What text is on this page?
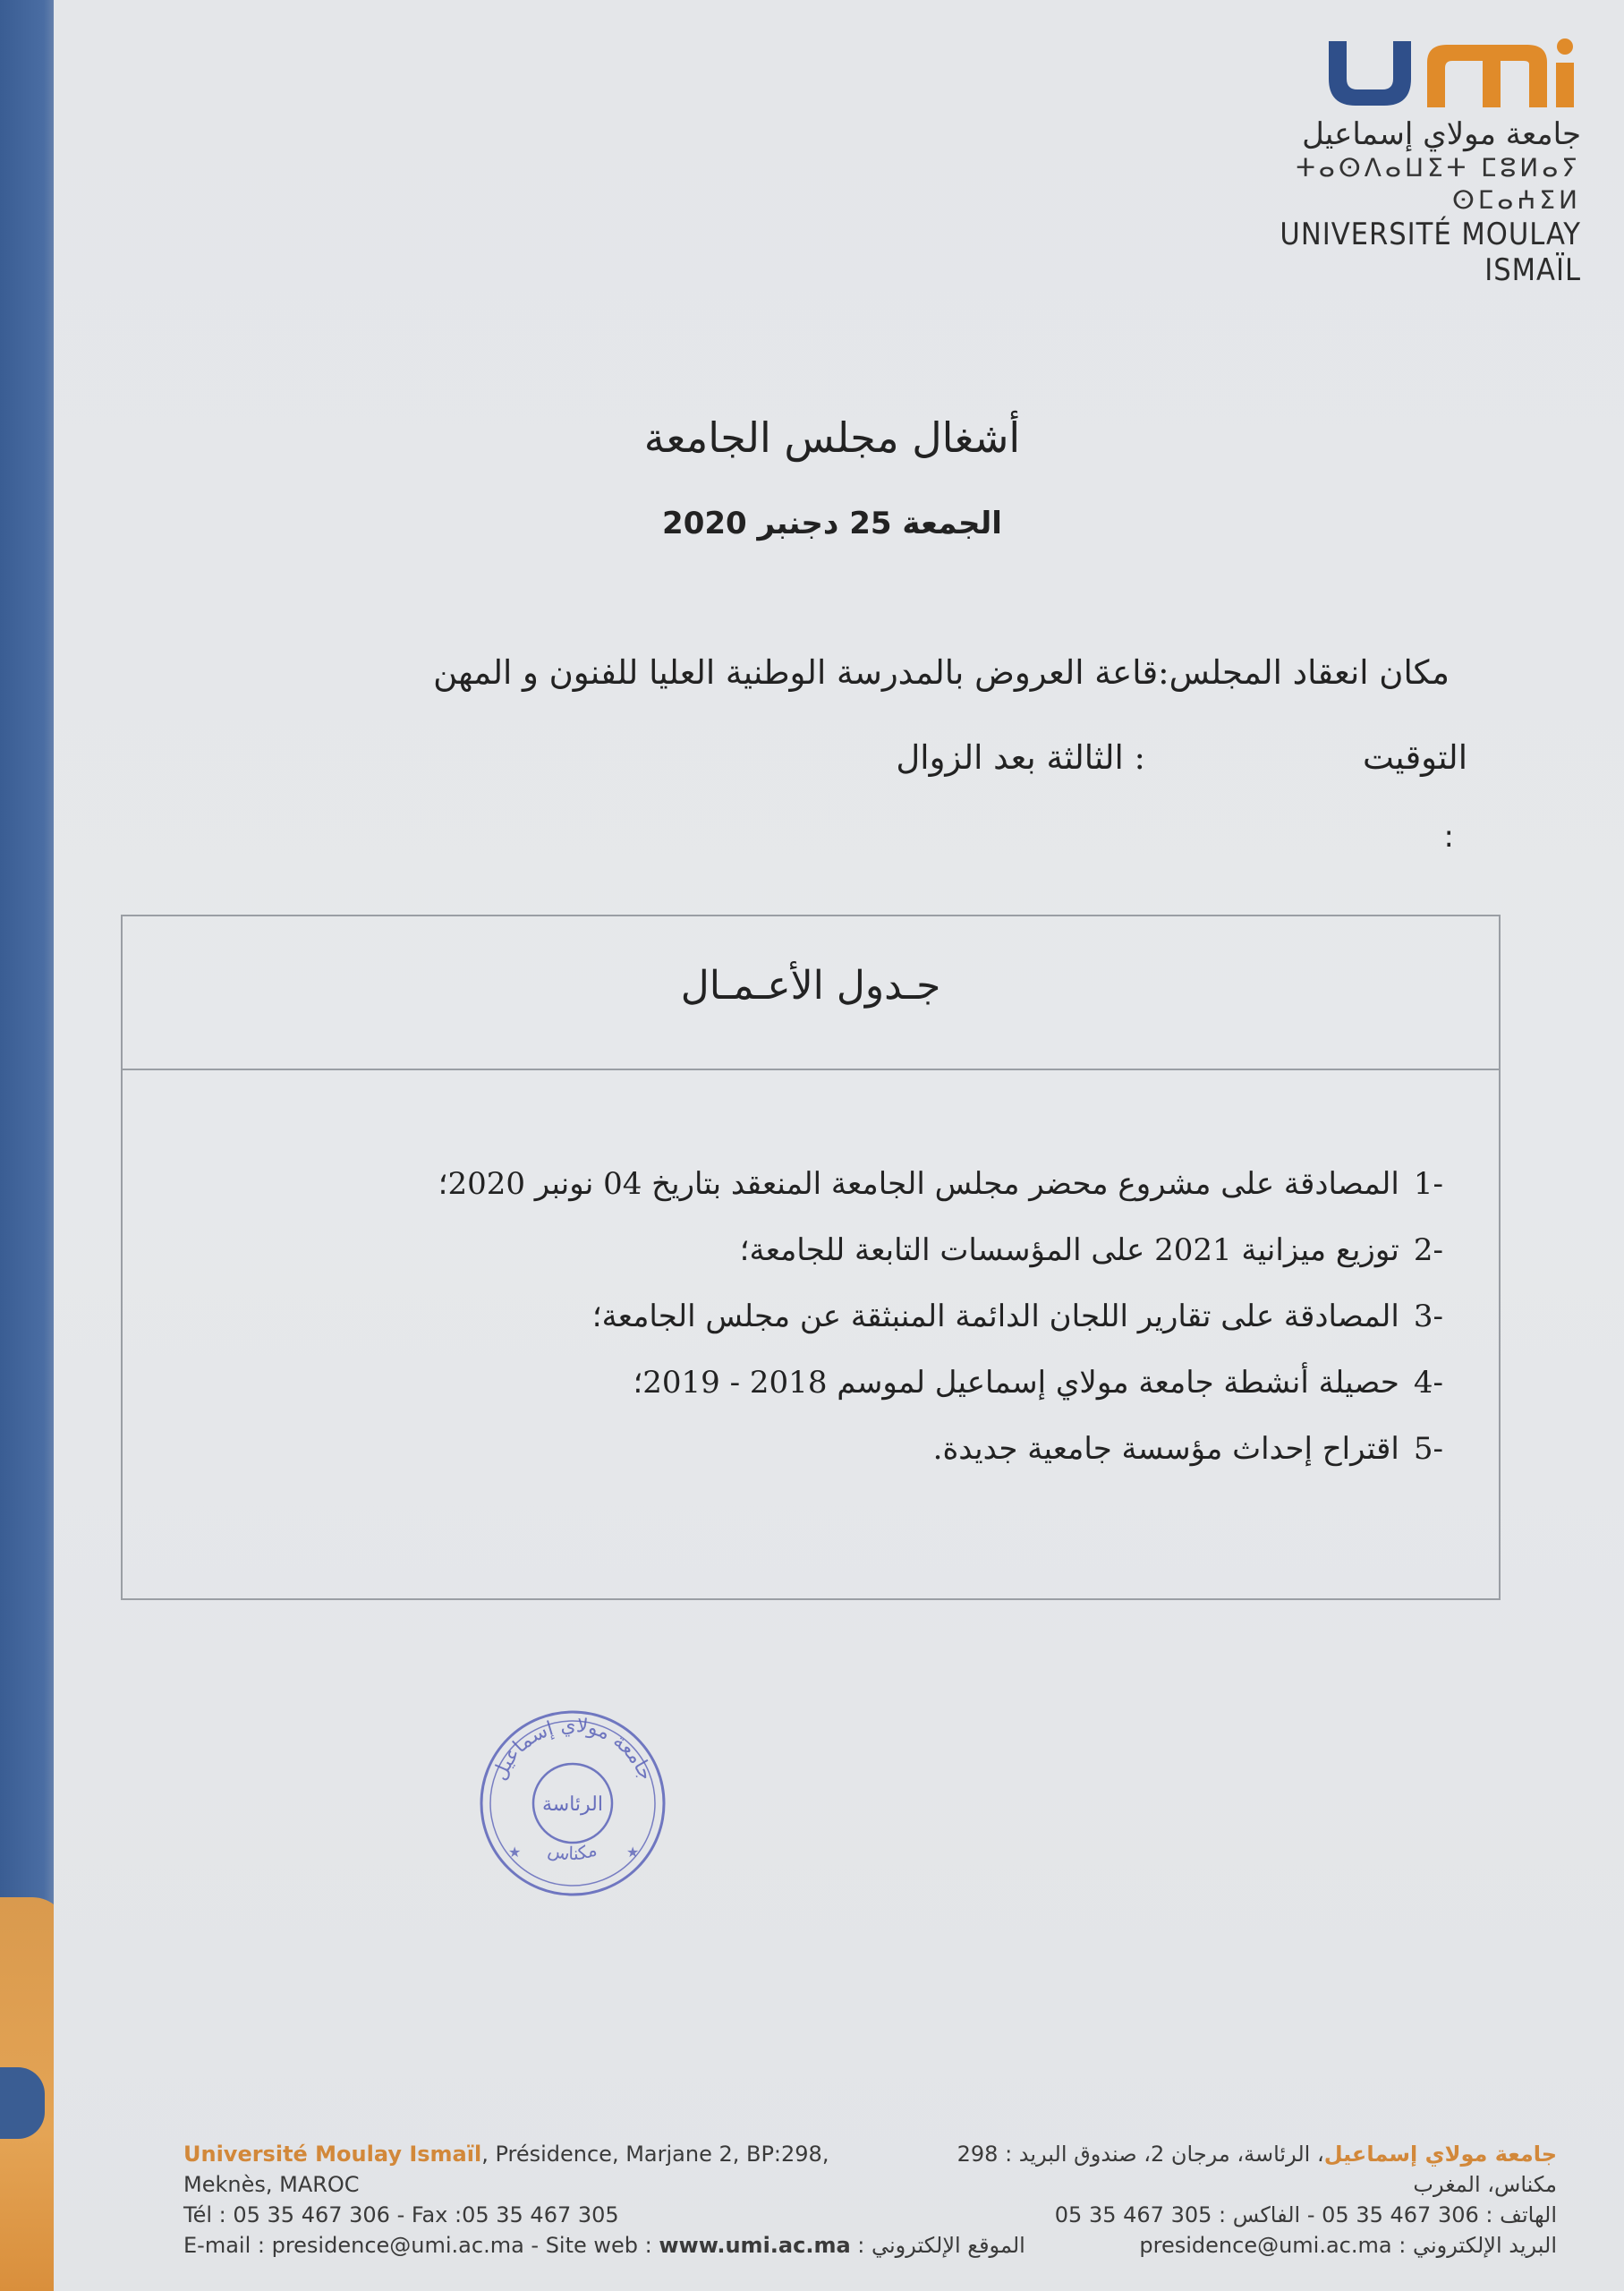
جامعة مولاي إسماعيل
ⵜⴰⵙⴷⴰⵡⵉⵜ ⵎⵓⵍⴰⵢ ⵙⵎⴰⵄⵉⵍ
UNIVERSITÉ MOULAY ISMAÏL
أشغال مجلس الجامعة
الجمعة 25 دجنبر 2020
مكان انعقاد المجلس:قاعة العروض بالمدرسة الوطنية العليا للفنون و المهن
التوقيت
: الثالثة بعد الزوال
:
جـدول الأعـمـال
-1المصادقة على مشروع محضر مجلس الجامعة المنعقد بتاريخ 04 نونبر 2020؛
-2توزيع ميزانية 2021 على المؤسسات التابعة للجامعة؛
-3المصادقة على تقارير اللجان الدائمة المنبثقة عن مجلس الجامعة؛
-4حصيلة أنشطة جامعة مولاي إسماعيل لموسم 2018 - 2019؛
-5اقتراح إحداث مؤسسة جامعية جديدة.
جامعة مولاي إسماعيل
مكناس
الرئاسة
★	★
Université Moulay Ismaïl, Présidence, Marjane 2, BP:298,
Meknès, MAROC
Tél : 05 35 467 306 - Fax :05 35 467 305
E-mail : presidence@umi.ac.ma - Site web : www.umi.ac.ma : الموقع الإلكتروني
جامعة مولاي إسماعيل، الرئاسة، مرجان 2، صندوق البريد : 298
مكناس، المغرب
الهاتف : 306 467 35 05 - الفاكس : 305 467 35 05
البريد الإلكتروني : presidence@umi.ac.ma
